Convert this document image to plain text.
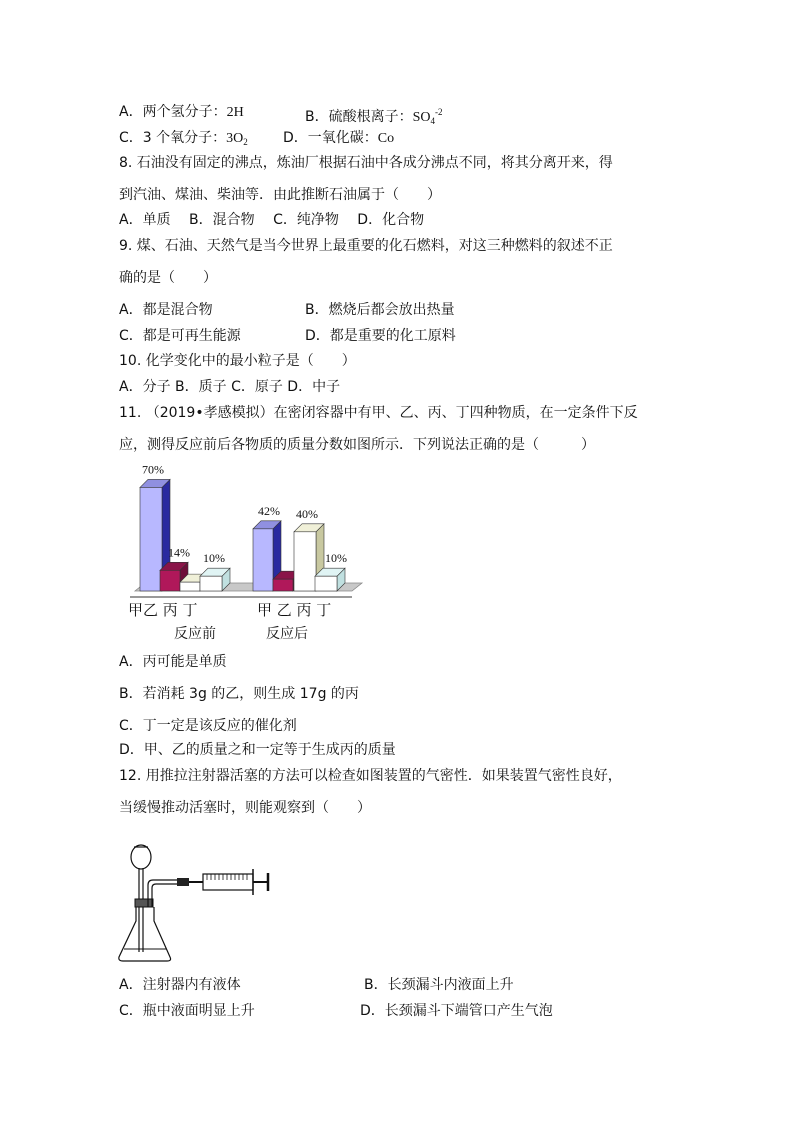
A．两个氢分子：2H	B．硫酸根离子：$SO_4^{-2}$
C．3 个氧分子：$3O_2$	D．一氧化碳：Co
8. 石油没有固定的沸点，炼油厂根据石油中各成分沸点不同，将其分离开来，得
到汽油、煤油、柴油等．由此推断石油属于（　　）
A．单质　 B．混合物　 C．纯净物　 D．化合物
9. 煤、石油、天然气是当今世界上最重要的化石燃料，对这三种燃料的叙述不正
确的是（　　）
A．都是混合物	B．燃烧后都会放出热量
C．都是可再生能源	D．都是重要的化工原料
10. 化学变化中的最小粒子是（　　）
A．分子 B．质子 C．原子 D．中子
11. （2019•孝感模拟）在密闭容器中有甲、乙、丙、丁四种物质，在一定条件下反
应，测得反应前后各物质的质量分数如图所示．下列说法正确的是（　　　）
70%
14% 10%
42% 40%
10%
甲乙 丙 丁
反应前
甲 乙 丙 丁
反应后
A．丙可能是单质
B．若消耗 3g 的乙，则生成 17g 的丙
C．丁一定是该反应的催化剂
D．甲、乙的质量之和一定等于生成丙的质量
12. 用推拉注射器活塞的方法可以检查如图装置的气密性．如果装置气密性良好，
当缓慢推动活塞时，则能观察到（　　）
A．注射器内有液体	B．长颈漏斗内液面上升
C．瓶中液面明显上升	D．长颈漏斗下端管口产生气泡
